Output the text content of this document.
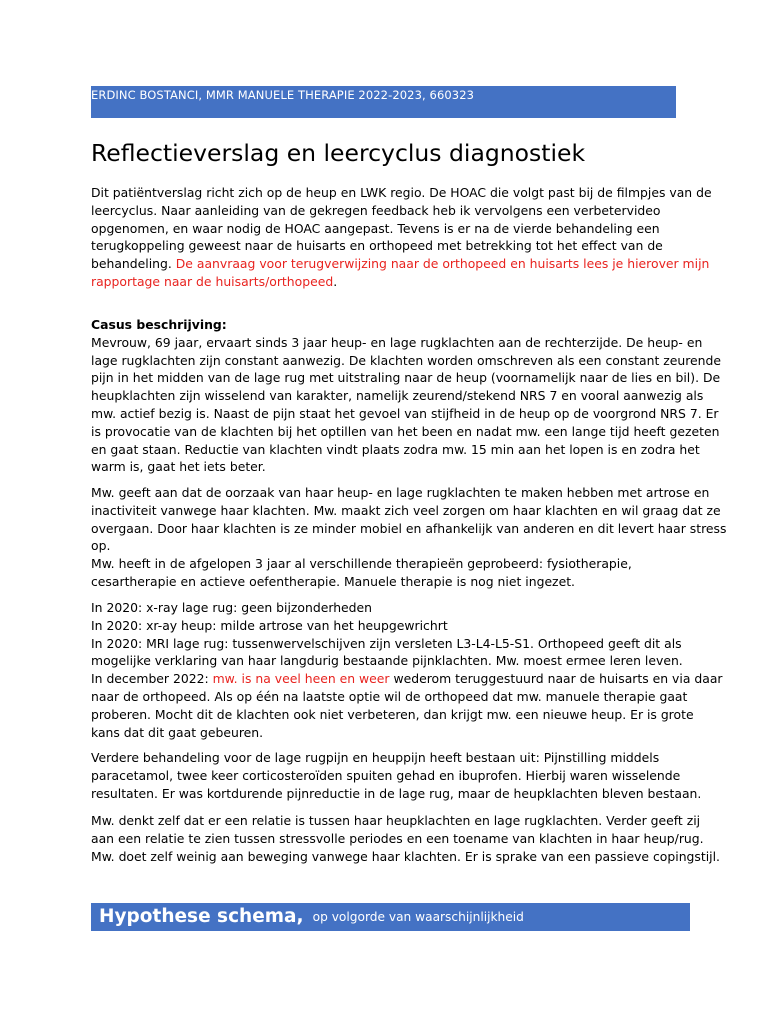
ERDINC BOSTANCI, MMR MANUELE THERAPIE 2022-2023, 660323
Reflectieverslag en leercyclus diagnostiek
Dit patiëntverslag richt zich op de heup en LWK regio. De HOAC die volgt past bij de filmpjes van de
leercyclus. Naar aanleiding van de gekregen feedback heb ik vervolgens een verbetervideo
opgenomen, en waar nodig de HOAC aangepast. Tevens is er na de vierde behandeling een
terugkoppeling geweest naar de huisarts en orthopeed met betrekking tot het effect van de
behandeling. De aanvraag voor terugverwijzing naar de orthopeed en huisarts lees je hierover mijn
rapportage naar de huisarts/orthopeed.
Casus beschrijving:
Mevrouw, 69 jaar, ervaart sinds 3 jaar heup- en lage rugklachten aan de rechterzijde. De heup- en
lage rugklachten zijn constant aanwezig. De klachten worden omschreven als een constant zeurende
pijn in het midden van de lage rug met uitstraling naar de heup (voornamelijk naar de lies en bil). De
heupklachten zijn wisselend van karakter, namelijk zeurend/stekend NRS 7 en vooral aanwezig als
mw. actief bezig is. Naast de pijn staat het gevoel van stijfheid in de heup op de voorgrond NRS 7. Er
is provocatie van de klachten bij het optillen van het been en nadat mw. een lange tijd heeft gezeten
en gaat staan. Reductie van klachten vindt plaats zodra mw. 15 min aan het lopen is en zodra het
warm is, gaat het iets beter.
Mw. geeft aan dat de oorzaak van haar heup- en lage rugklachten te maken hebben met artrose en
inactiviteit vanwege haar klachten. Mw. maakt zich veel zorgen om haar klachten en wil graag dat ze
overgaan. Door haar klachten is ze minder mobiel en afhankelijk van anderen en dit levert haar stress
op.
Mw. heeft in de afgelopen 3 jaar al verschillende therapieën geprobeerd: fysiotherapie,
cesartherapie en actieve oefentherapie. Manuele therapie is nog niet ingezet.
In 2020: x-ray lage rug: geen bijzonderheden
In 2020: xr-ay heup: milde artrose van het heupgewrichrt
In 2020: MRI lage rug: tussenwervelschijven zijn versleten L3-L4-L5-S1. Orthopeed geeft dit als
mogelijke verklaring van haar langdurig bestaande pijnklachten. Mw. moest ermee leren leven.
In december 2022: mw. is na veel heen en weer wederom teruggestuurd naar de huisarts en via daar
naar de orthopeed. Als op één na laatste optie wil de orthopeed dat mw. manuele therapie gaat
proberen. Mocht dit de klachten ook niet verbeteren, dan krijgt mw. een nieuwe heup. Er is grote
kans dat dit gaat gebeuren.
Verdere behandeling voor de lage rugpijn en heuppijn heeft bestaan uit: Pijnstilling middels
paracetamol, twee keer corticosteroïden spuiten gehad en ibuprofen. Hierbij waren wisselende
resultaten. Er was kortdurende pijnreductie in de lage rug, maar de heupklachten bleven bestaan.
Mw. denkt zelf dat er een relatie is tussen haar heupklachten en lage rugklachten. Verder geeft zij
aan een relatie te zien tussen stressvolle periodes en een toename van klachten in haar heup/rug.
Mw. doet zelf weinig aan beweging vanwege haar klachten. Er is sprake van een passieve copingstijl.
Hypothese schema, op volgorde van waarschijnlijkheid
